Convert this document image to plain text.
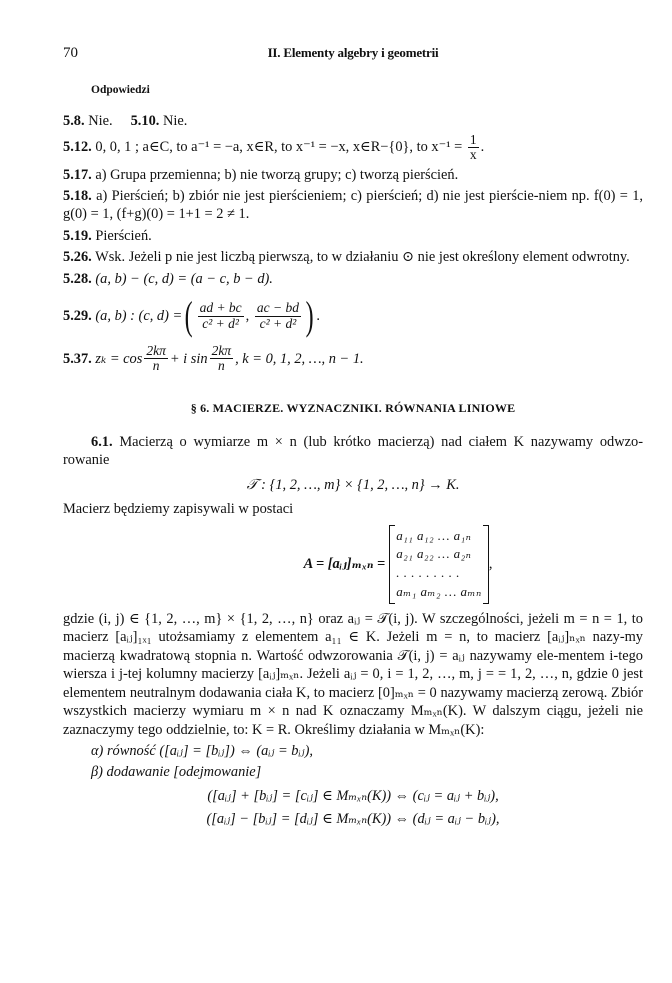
70	II. Elementy algebry i geometrii
Odpowiedzi

5.8. Nie. 5.10. Nie.

5.12. 0, 0, 1 ; a∈C, to a⁻¹ = −a, x∈R, to x⁻¹ = −x, x∈R−{0}, to $x^{-1} = \frac{1}{x}$ .

5.17. a) Grupa przemienna; b) nie tworzą grupy; c) tworzą pierścień.

5.18. a) Pierścień; b) zbiór nie jest pierścieniem; c) pierścień; d) nie jest pierście-niem np. f(0) = 1, g(0) = 1, (f+g)(0) = 1+1 = 2 ≠ 1.

5.19. Pierścień.

5.26. Wsk. Jeżeli p nie jest liczbą pierwszą, to w działaniu ⊙ nie jest określony element odwrotny.

5.28. (a, b) − (c, d) = (a − c, b − d).

5.29.
(a, b) : (c, d) = ( $\frac{ad + bc}{\text{c² + d²}}$ , $\frac{ac - bd}{\text{c² + d²}}$ ) .
5.37.
$z_k = \cos \frac{2k\pi}{n} + i$ $\sin \frac{2k\pi}{n}$ , k = 0, 1, 2, …, n − 1.
§ 6. MACIERZE. WYZNACZNIKI. RÓWNANIA LINIOWE

6.1. Macierzą o wymiarze m × n (lub krótko macierzą) nad ciałem K nazywamy odwzo-rowanie

𝒯 : {1, 2, …, m} × {1, 2, …, n} → K.

Macierz będziemy zapisywali w postaci

A = [aᵢⱼ]ₘₓₙ =
a₁₁ a₁₂ … a₁ₙ
a₂₁ a₂₂ … a₂ₙ
. . . . . . . . .
aₘ₁ aₘ₂ … aₘₙ
,

gdzie (i, j) ∈ {1, 2, …, m} × {1, 2, …, n} oraz aᵢⱼ = 𝒯(i, j). W szczególności, jeżeli m = n = 1, to macierz [aᵢⱼ]₁ₓ₁ utożsamiamy z elementem a₁₁ ∈ K. Jeżeli m = n, to macierz [aᵢⱼ]ₙₓₙ nazy-my macierzą kwadratową stopnia n. Wartość odwzorowania 𝒯(i, j) = aᵢⱼ nazywamy ele-mentem i-tego wiersza i j-tej kolumny macierzy [aᵢⱼ]ₘₓₙ. Jeżeli aᵢⱼ = 0, i = 1, 2, …, m, j = = 1, 2, …, n, gdzie 0 jest elementem neutralnym dodawania ciała K, to macierz [0]ₘₓₙ = 0 nazywamy macierzą zerową. Zbiór wszystkich macierzy wymiaru m × n nad K oznaczamy Mₘₓₙ(K). W dalszym ciągu, jeżeli nie zaznaczymy tego oddzielnie, to: K = R. Określimy działania w Mₘₓₙ(K):

α) równość ([aᵢⱼ] = [bᵢⱼ]) ⇔ (aᵢⱼ = bᵢⱼ),

β) dodawanie [odejmowanie]

([aᵢⱼ] + [bᵢⱼ] = [cᵢⱼ] ∈ Mₘₓₙ(K)) ⇔ (cᵢⱼ = aᵢⱼ + bᵢⱼ),

([aᵢⱼ] − [bᵢⱼ] = [dᵢⱼ] ∈ Mₘₓₙ(K)) ⇔ (dᵢⱼ = aᵢⱼ − bᵢⱼ),
